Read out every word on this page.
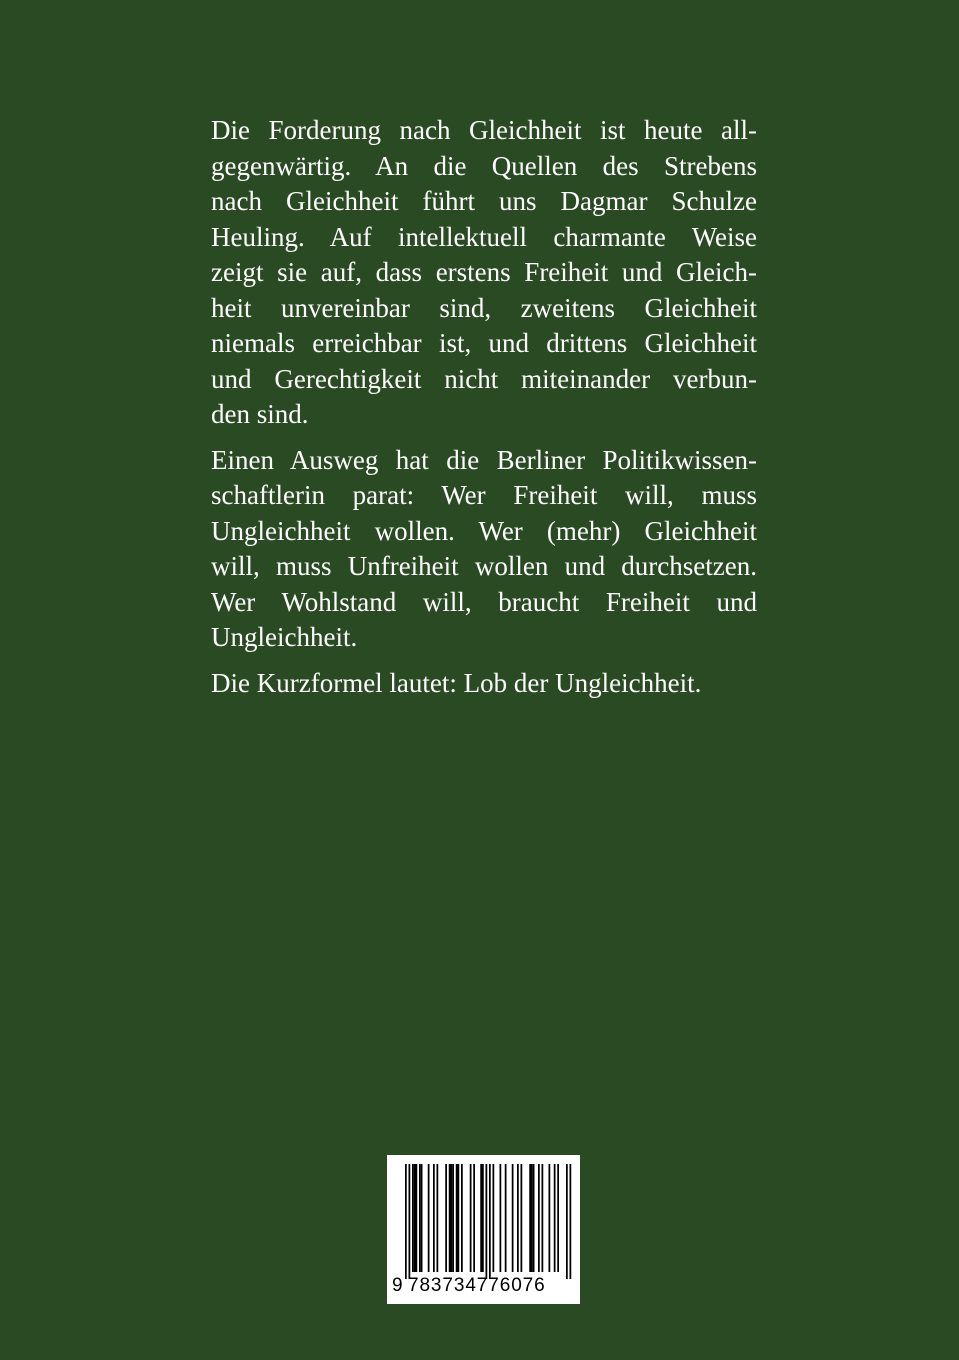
Die Forderung nach Gleichheit ist heute all-
gegenwärtig. An die Quellen des Strebens
nach Gleichheit führt uns Dagmar Schulze
Heuling. Auf intellektuell charmante Weise
zeigt sie auf, dass erstens Freiheit und Gleich-
heit unvereinbar sind, zweitens Gleichheit
niemals erreichbar ist, und drittens Gleichheit
und Gerechtigkeit nicht miteinander verbun-
den sind.
Einen Ausweg hat die Berliner Politikwissen-
schaftlerin parat: Wer Freiheit will, muss
Ungleichheit wollen. Wer (mehr) Gleichheit
will, muss Unfreiheit wollen und durchsetzen.
Wer Wohlstand will, braucht Freiheit und
Ungleichheit.
Die Kurzformel lautet: Lob der Ungleichheit.
9 783734776076
